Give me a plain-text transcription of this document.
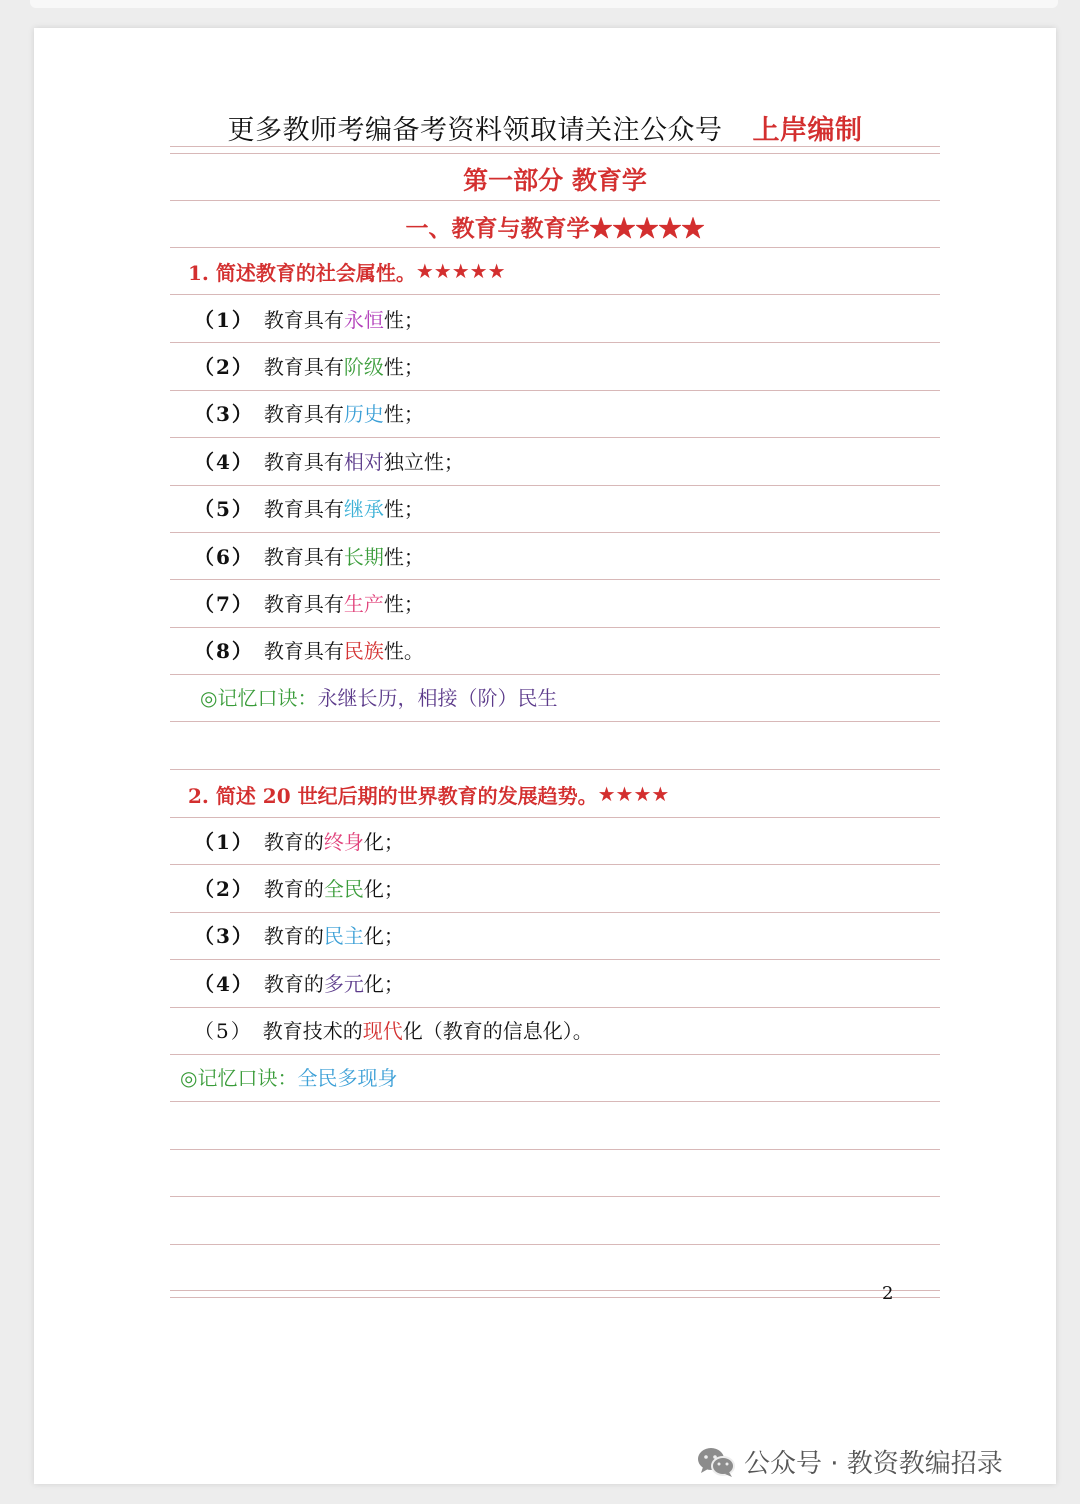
更多教师考编备考资料领取请关注公众号 上岸编制
第一部分 教育学
一、教育与教育学★★★★★
1. 简述教育的社会属性。 ★★★★★
（1） 教育具有 永恒 性；
（2） 教育具有 阶级 性；
（3） 教育具有 历史 性；
（4） 教育具有 相对 独立性；
（5） 教育具有 继承 性；
（6） 教育具有 长期 性；
（7） 教育具有 生产 性；
（8） 教育具有 民族 性。
◎记忆口诀： 永继长历，相接（阶）民生
2. 简述 20 世纪后期的世界教育的发展趋势。 ★★★★
（1） 教育的 终身 化；
（2） 教育的 全民 化；
（3） 教育的 民主 化；
（4） 教育的 多元 化；
（5） 教育技术的 现代 化（教育的信息化）。
◎记忆口诀： 全民多现身
2
公众号 · 教资教编招录
